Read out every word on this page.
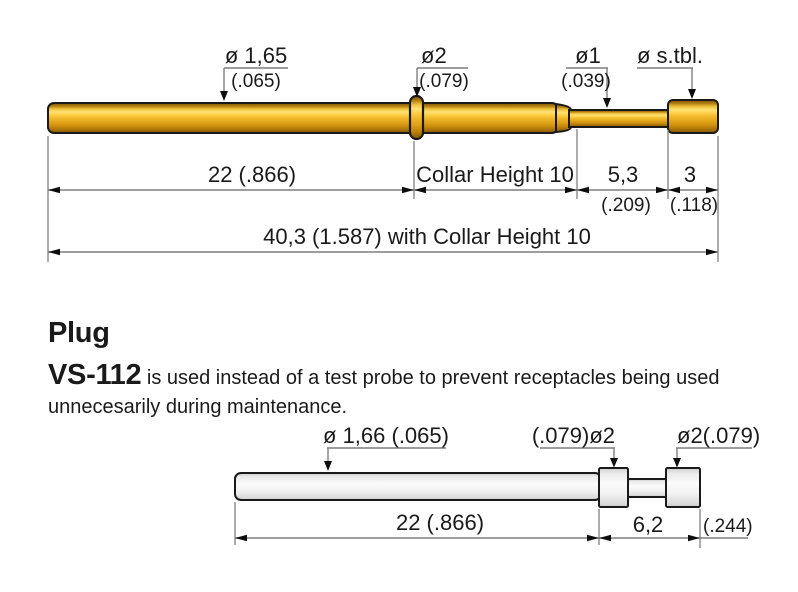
ø 1,65
(.065)
ø2
(.079)
ø1
(.039)
ø s.tbl.
22 (.866)	Collar Height 10 5,3
(.209)
3
(.118)
40,3 (1.587) with Collar Height 10
Plug
VS-112 is used instead of a test probe to prevent receptacles being used
unnecesarily during maintenance.
ø 1,66 (.065)	(.079)ø2	ø2(.079)
22 (.866)	6,2 (.244)
